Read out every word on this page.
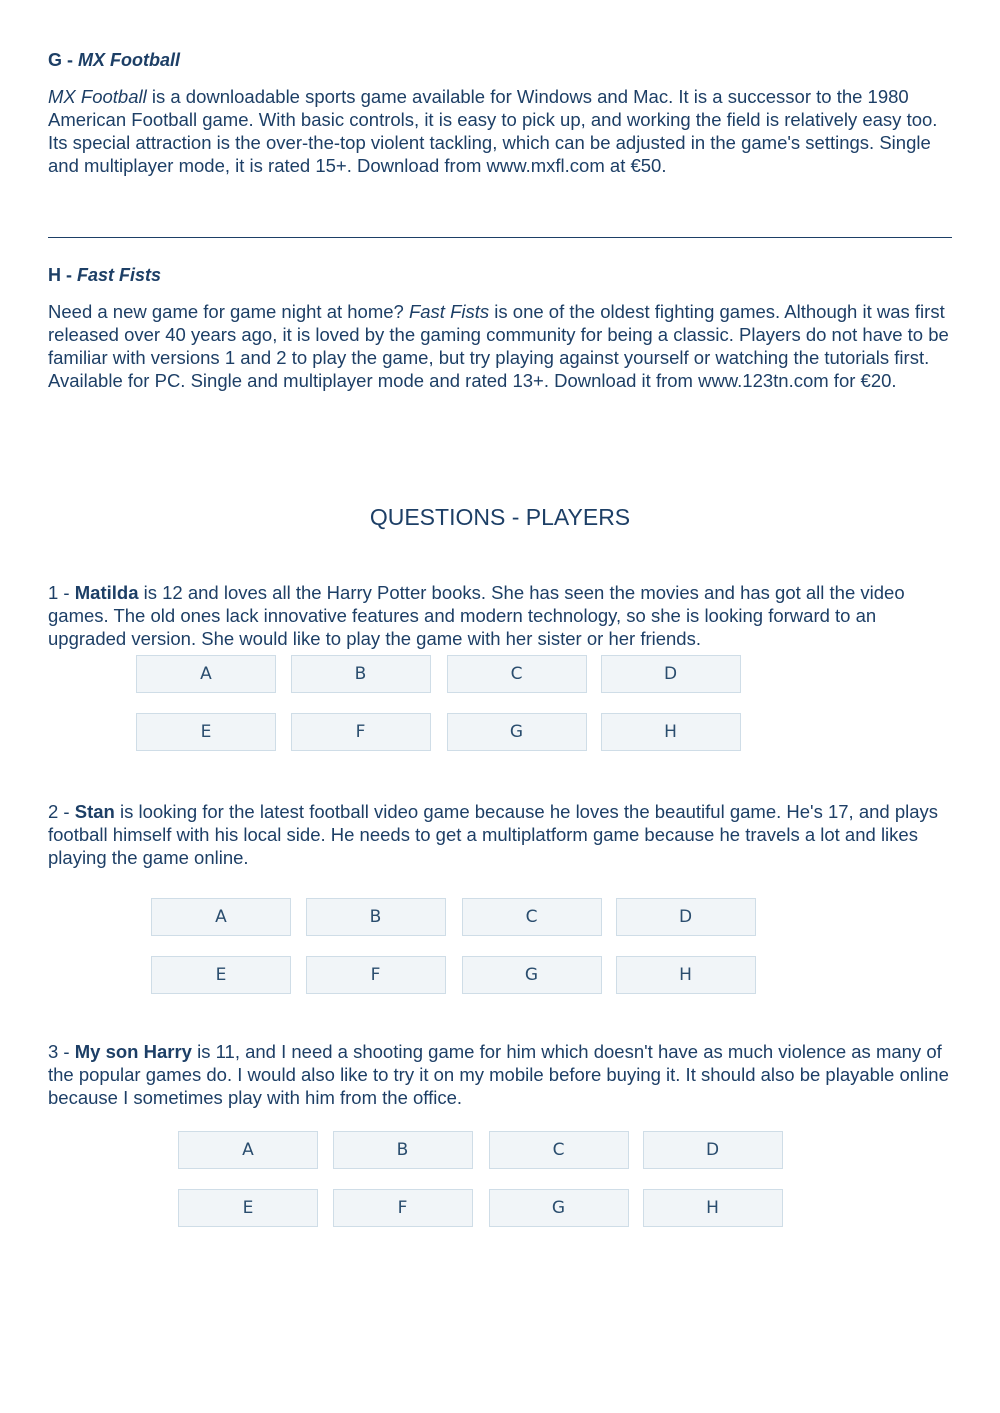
G - MX Football

MX Football is a downloadable sports game available for Windows and Mac. It is a successor to the 1980 American Football game. With basic controls, it is easy to pick up, and working the field is relatively easy too. Its special attraction is the over-the-top violent tackling, which can be adjusted in the game's settings. Single and multiplayer mode, it is rated 15+. Download from www.mxfl.com at €50.

H - Fast Fists

Need a new game for game night at home? Fast Fists is one of the oldest fighting games. Although it was first released over 40 years ago, it is loved by the gaming community for being a classic. Players do not have to be familiar with versions 1 and 2 to play the game, but try playing against yourself or watching the tutorials first. Available for PC. Single and multiplayer mode and rated 13+. Download it from www.123tn.com for €20.

QUESTIONS - PLAYERS

1 - Matilda is 12 and loves all the Harry Potter books. She has seen the movies and has got all the video games. The old ones lack innovative features and modern technology, so she is looking forward to an upgraded version. She would like to play the game with her sister or her friends.

A	B	C	D
E	F	G	H

2 - Stan is looking for the latest football video game because he loves the beautiful game. He's 17, and plays football himself with his local side. He needs to get a multiplatform game because he travels a lot and likes playing the game online.

A	B	C	D
E	F	G	H

3 - My son Harry is 11, and I need a shooting game for him which doesn't have as much violence as many of the popular games do. I would also like to try it on my mobile before buying it. It should also be playable online because I sometimes play with him from the office.

A	B	C	D
E	F	G	H
